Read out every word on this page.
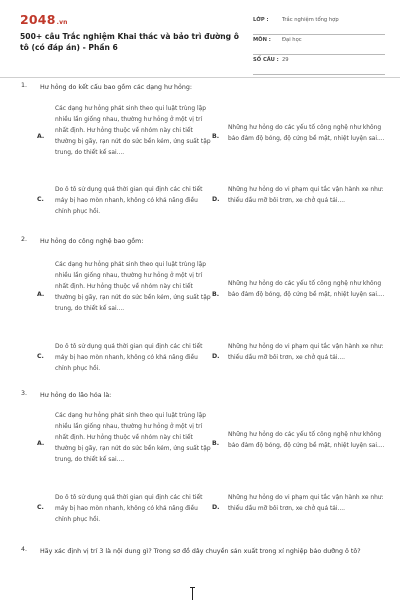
2048.vn
500+ câu Trắc nghiệm Khai thác và bảo trì đường ô tô (có đáp án) - Phần 6
LỚP :	Trắc nghiệm tổng hợp
MÔN : Đại học
SỐ CÂU : 29
1. Hư hỏng do kết cấu bao gồm các dạng hư hỏng:
A.
Các dạng hư hỏng phát sinh theo qui luật trùng lặp nhiều lần giống nhau, thường hư hỏng ở một vị trí nhất định. Hư hỏng thuộc về nhóm này chi tiết thường bị gãy, rạn nứt do sức bền kém, ứng suất tập trung, do thiết kế sai....
B.
Những hư hỏng do các yếu tố công nghệ như không bảo đảm độ bóng, độ cứng bề mặt, nhiệt luyện sai....
C.
Do ô tô sử dụng quá thời gian qui định các chi tiết máy bị hao mòn nhanh, không có khả năng điều chỉnh phục hồi.
D.
Những hư hỏng do vi phạm qui tắc vận hành xe như: thiếu dầu mỡ bôi trơn, xe chở quá tải....
2. Hư hỏng do công nghệ bao gồm:
A.
Các dạng hư hỏng phát sinh theo qui luật trùng lặp nhiều lần giống nhau, thường hư hỏng ở một vị trí nhất định. Hư hỏng thuộc về nhóm này chi tiết thường bị gãy, rạn nứt do sức bền kém, ứng suất tập trung, do thiết kế sai....
B.
Những hư hỏng do các yếu tố công nghệ như không bảo đảm độ bóng, độ cứng bề mặt, nhiệt luyện sai....
C.
Do ô tô sử dụng quá thời gian qui định các chi tiết máy bị hao mòn nhanh, không có khả năng điều chỉnh phục hồi.
D.
Những hư hỏng do vi phạm qui tắc vận hành xe như: thiếu dầu mỡ bôi trơn, xe chở quá tải....
3. Hư hỏng do lão hóa là:
A.
Các dạng hư hỏng phát sinh theo qui luật trùng lặp nhiều lần giống nhau, thường hư hỏng ở một vị trí nhất định. Hư hỏng thuộc về nhóm này chi tiết thường bị gãy, rạn nứt do sức bền kém, ứng suất tập trung, do thiết kế sai....
B.
Những hư hỏng do các yếu tố công nghệ như không bảo đảm độ bóng, độ cứng bề mặt, nhiệt luyện sai....
C.
Do ô tô sử dụng quá thời gian qui định các chi tiết máy bị hao mòn nhanh, không có khả năng điều chỉnh phục hồi.
D.
Những hư hỏng do vi phạm qui tắc vận hành xe như: thiếu dầu mỡ bôi trơn, xe chở quá tải....
4. Hãy xác định vị trí 3 là nội dung gì? Trong sơ đồ dây chuyền sản xuất trong xí nghiệp bảo dưỡng ô tô?
